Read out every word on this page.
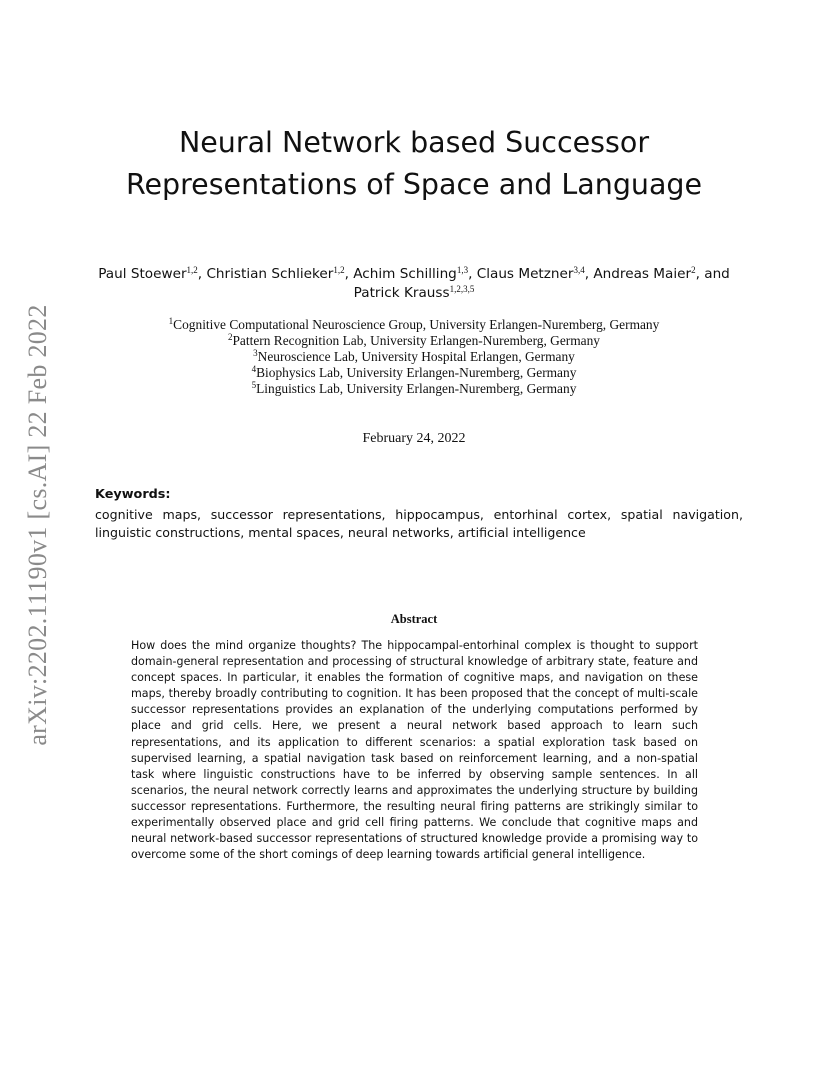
arXiv:2202.11190v1 [cs.AI] 22 Feb 2022
Neural Network based Successor
Representations of Space and Language
Paul Stoewer$^{1,2}$, Christian Schlieker$^{1,2}$, Achim Schilling$^{1,3}$, Claus Metzner$^{3,4}$, Andreas Maier$^2$, and
Patrick Krauss$^{1,2,3,5}$
$^1$Cognitive Computational Neuroscience Group, University Erlangen-Nuremberg, Germany
$^2$Pattern Recognition Lab, University Erlangen-Nuremberg, Germany
$^3$Neuroscience Lab, University Hospital Erlangen, Germany
$^4$Biophysics Lab, University Erlangen-Nuremberg, Germany
$^5$Linguistics Lab, University Erlangen-Nuremberg, Germany
February 24, 2022
Keywords:
cognitive maps, successor representations, hippocampus, entorhinal cortex, spatial navigation, linguistic constructions, mental spaces, neural networks, artificial intelligence
Abstract

How does the mind organize thoughts? The hippocampal-entorhinal complex is thought to support domain-general representation and processing of structural knowledge of arbitrary state, feature and concept spaces. In particular, it enables the formation of cognitive maps, and navigation on these maps, thereby broadly contributing to cognition. It has been proposed that the concept of multi-scale successor representations provides an explanation of the underlying computations performed by place and grid cells. Here, we present a neural network based approach to learn such representations, and its application to different scenarios: a spatial exploration task based on supervised learning, a spatial navigation task based on reinforcement learning, and a non-spatial task where linguistic constructions have to be inferred by observing sample sentences. In all scenarios, the neural network correctly learns and approximates the underlying structure by building successor representations. Furthermore, the resulting neural firing patterns are strikingly similar to experimentally observed place and grid cell firing patterns. We conclude that cognitive maps and neural network-based successor representations of structured knowledge provide a promising way to overcome some of the short comings of deep learning towards artificial general intelligence.
